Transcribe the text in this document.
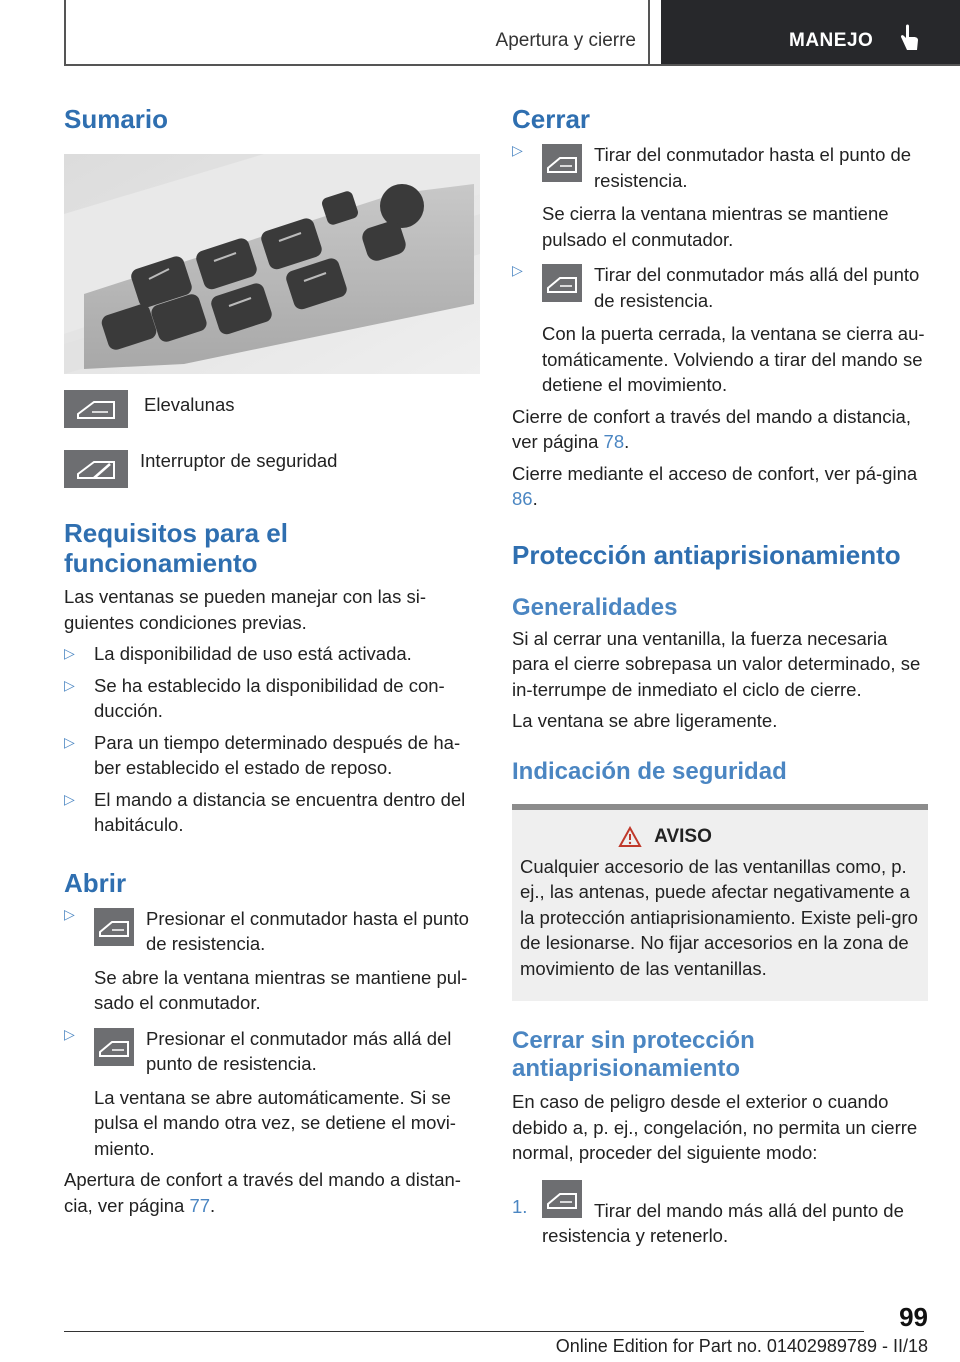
Apertura y cierre	MANEJO
Sumario
Elevalunas
Interruptor de seguridad
Requisitos para el funcionamiento

Las ventanas se pueden manejar con las si-guientes condiciones previas.

▷ La disponibilidad de uso está activada.
▷ Se ha establecido la disponibilidad de con-ducción.
▷ Para un tiempo determinado después de ha-ber establecido el estado de reposo.
▷ El mando a distancia se encuentra dentro del habitáculo.
Abrir
▷	Presionar el conmutador hasta el punto de resistencia.

Se abre la ventana mientras se mantiene pul-sado el conmutador.

▷	Presionar el conmutador más allá del punto de resistencia.

La ventana se abre automáticamente. Si se pulsa el mando otra vez, se detiene el movi-miento.

Apertura de confort a través del mando a distan-cia, ver página 77.

Cerrar
▷	Tirar del conmutador hasta el punto de resistencia.

Se cierra la ventana mientras se mantiene pulsado el conmutador.

▷	Tirar del conmutador más allá del punto de resistencia.

Con la puerta cerrada, la ventana se cierra au-tomáticamente. Volviendo a tirar del mando se detiene el movimiento.

Cierre de confort a través del mando a distancia, ver página 78.

Cierre mediante el acceso de confort, ver pá-gina 86.

Protección antiaprisionamiento
Generalidades

Si al cerrar una ventanilla, la fuerza necesaria para el cierre sobrepasa un valor determinado, se in-terrumpe de inmediato el ciclo de cierre.

La ventana se abre ligeramente.

Indicación de seguridad
AVISO

Cualquier accesorio de las ventanillas como, p. ej., las antenas, puede afectar negativamente a la protección antiaprisionamiento. Existe peli-gro de lesionarse. No fijar accesorios en la zona de movimiento de las ventanillas.

Cerrar sin protección antiaprisionamiento

En caso de peligro desde el exterior o cuando debido a, p. ej., congelación, no permita un cierre normal, proceder del siguiente modo:

1.	Tirar del mando más allá del punto de resistencia y retenerlo.

99
Online Edition for Part no. 01402989789 - II/18
